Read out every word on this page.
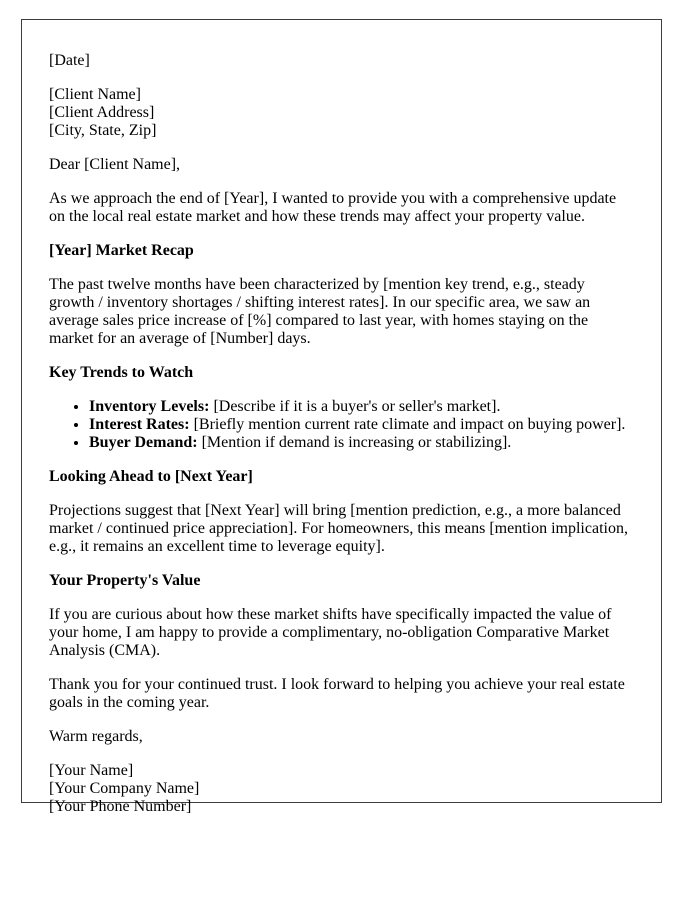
[Date]

[Client Name]
[Client Address]
[City, State, Zip]

Dear [Client Name],

As we approach the end of [Year], I wanted to provide you with a comprehensive update on the local real estate market and how these trends may affect your property value.

[Year] Market Recap

The past twelve months have been characterized by [mention key trend, e.g., steady growth / inventory shortages / shifting interest rates]. In our specific area, we saw an average sales price increase of [%] compared to last year, with homes staying on the market for an average of [Number] days.

Key Trends to Watch

• Inventory Levels: [Describe if it is a buyer's or seller's market].
• Interest Rates: [Briefly mention current rate climate and impact on buying power].
• Buyer Demand: [Mention if demand is increasing or stabilizing].

Looking Ahead to [Next Year]

Projections suggest that [Next Year] will bring [mention prediction, e.g., a more balanced market / continued price appreciation]. For homeowners, this means [mention implication, e.g., it remains an excellent time to leverage equity].

Your Property's Value

If you are curious about how these market shifts have specifically impacted the value of your home, I am happy to provide a complimentary, no-obligation Comparative Market Analysis (CMA).

Thank you for your continued trust. I look forward to helping you achieve your real estate goals in the coming year.

Warm regards,

[Your Name]
[Your Company Name]
[Your Phone Number]
